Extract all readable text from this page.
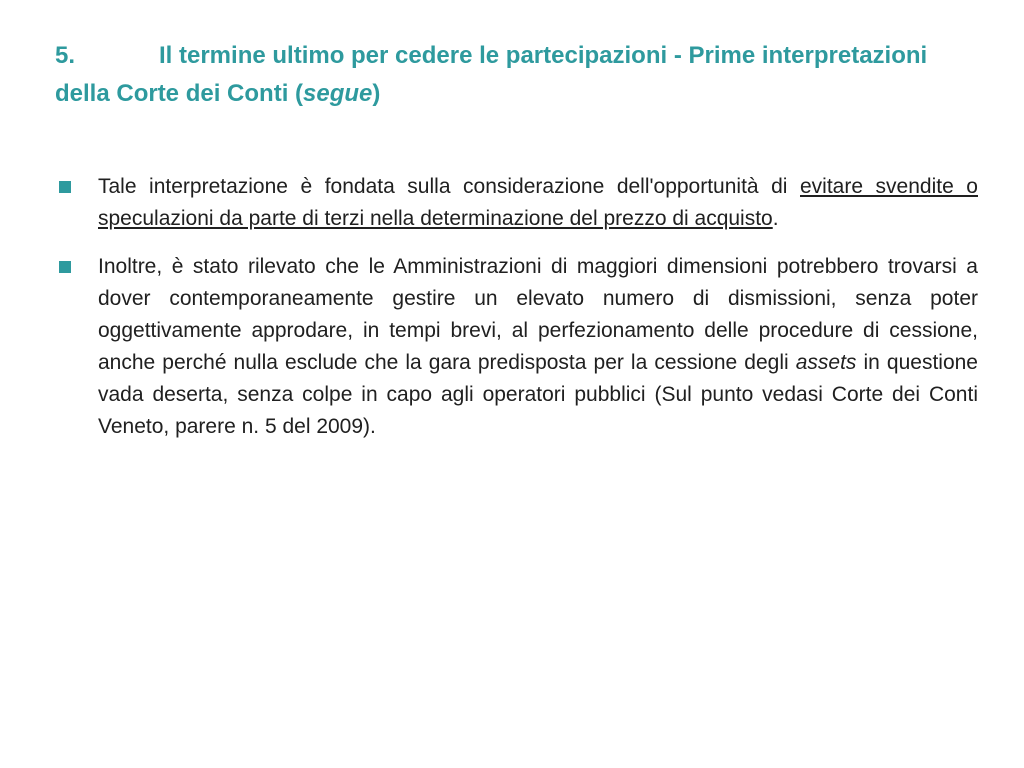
5.	Il termine ultimo per cedere le partecipazioni - Prime interpretazioni della Corte dei Conti (segue)
Tale interpretazione è fondata sulla considerazione dell'opportunità di evitare svendite o speculazioni da parte di terzi nella determinazione del prezzo di acquisto.
Inoltre, è stato rilevato che le Amministrazioni di maggiori dimensioni potrebbero trovarsi a dover contemporaneamente gestire un elevato numero di dismissioni, senza poter oggettivamente approdare, in tempi brevi, al perfezionamento delle procedure di cessione, anche perché nulla esclude che la gara predisposta per la cessione degli assets in questione vada deserta, senza colpe in capo agli operatori pubblici (Sul punto vedasi Corte dei Conti Veneto, parere n. 5 del 2009).
